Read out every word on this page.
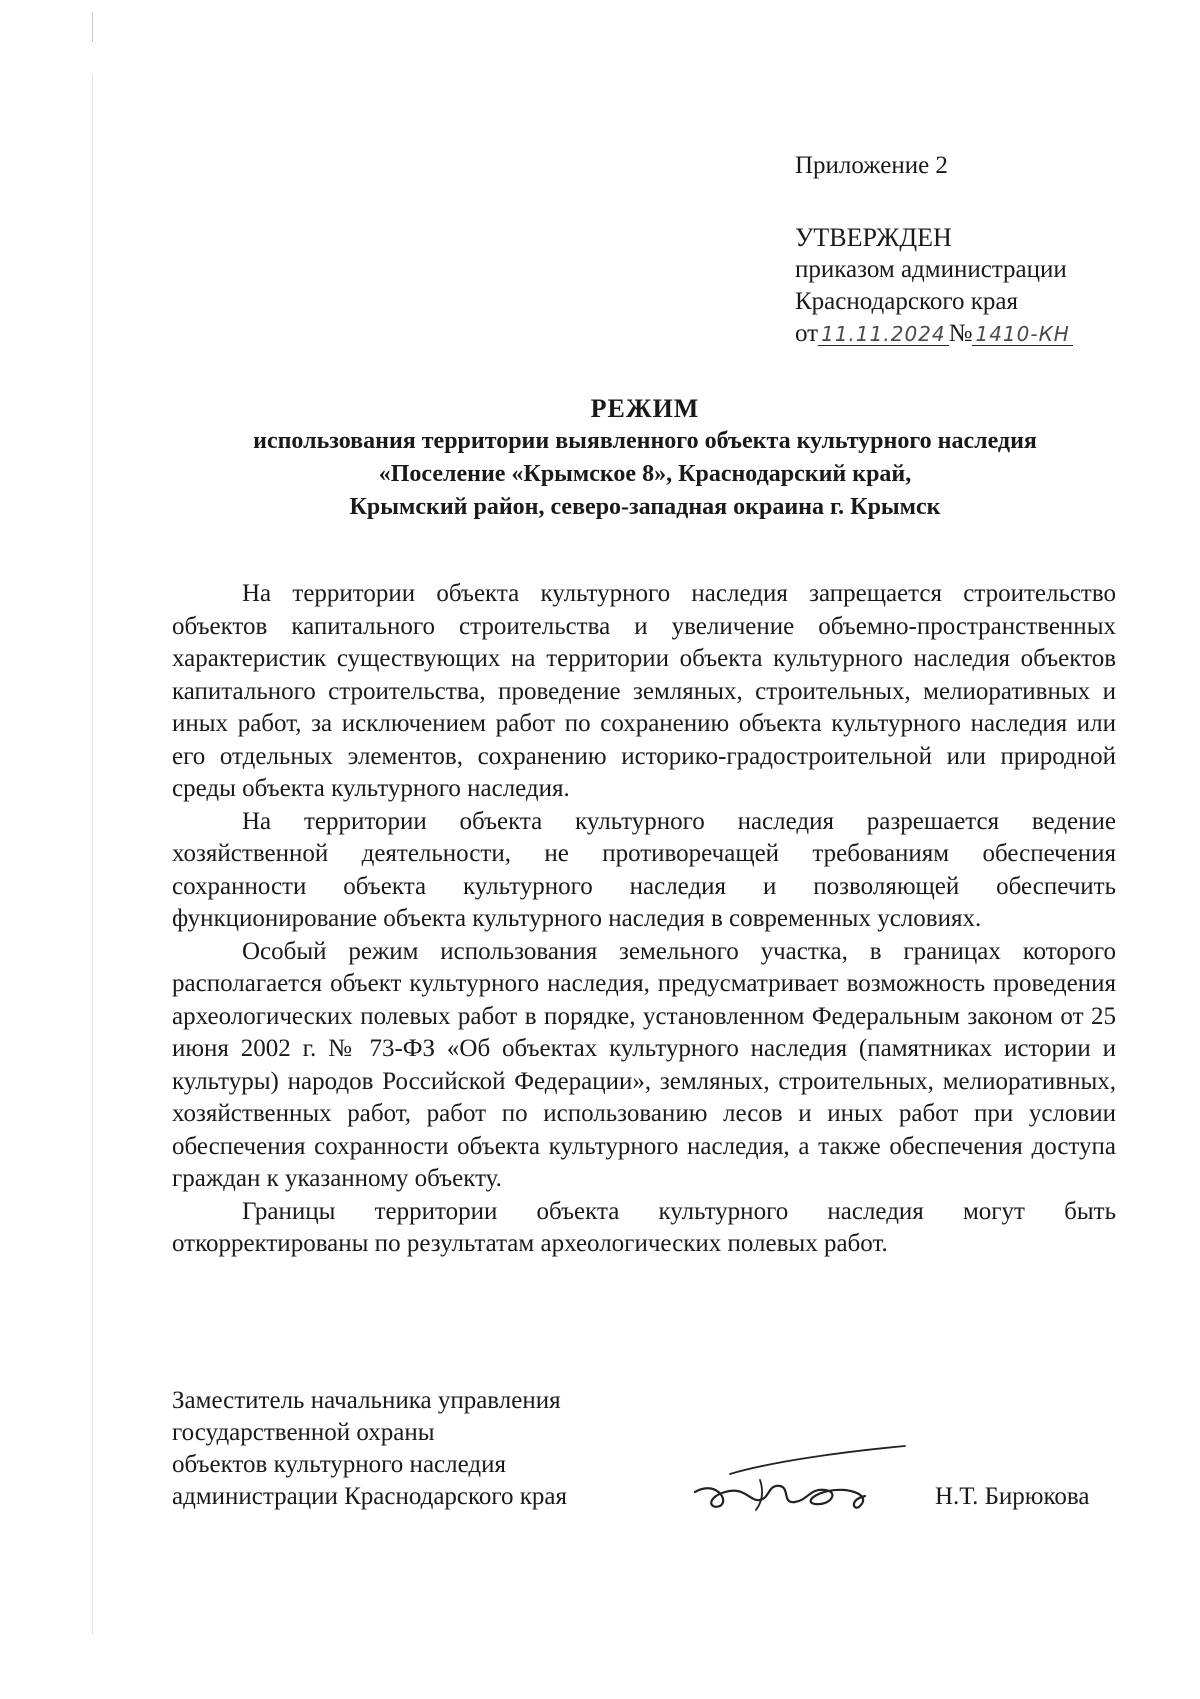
Приложение 2
УТВЕРЖДЕН
приказом администрации
Краснодарского края
от 11.11.2024 № 1410-КН
РЕЖИМ
использования территории выявленного объекта культурного наследия
«Поселение «Крымское 8», Краснодарский край,
Крымский район, северо-западная окраина г. Крымск

На территории объекта культурного наследия запрещается строительство объектов капитального строительства и увеличение объемно-пространственных характеристик существующих на территории объекта культурного наследия объектов капитального строительства, проведение земляных, строительных, мелиоративных и иных работ, за исключением работ по сохранению объекта культурного наследия или его отдельных элементов, сохранению историко-градостроительной или природной среды объекта культурного наследия.

На территории объекта культурного наследия разрешается ведение хозяйственной деятельности, не противоречащей требованиям обеспечения сохранности объекта культурного наследия и позволяющей обеспечить функционирование объекта культурного наследия в современных условиях.

Особый режим использования земельного участка, в границах которого располагается объект культурного наследия, предусматривает возможность проведения археологических полевых работ в порядке, установленном Федеральным законом от 25 июня 2002 г. № 73-ФЗ «Об объектах культурного наследия (памятниках истории и культуры) народов Российской Федерации», земляных, строительных, мелиоративных, хозяйственных работ, работ по использованию лесов и иных работ при условии обеспечения сохранности объекта культурного наследия, а также обеспечения доступа граждан к указанному объекту.

Границы территории объекта культурного наследия могут быть откорректированы по результатам археологических полевых работ.

Заместитель начальника управления
государственной охраны
объектов культурного наследия
администрации Краснодарского края	Н.Т. Бирюкова
